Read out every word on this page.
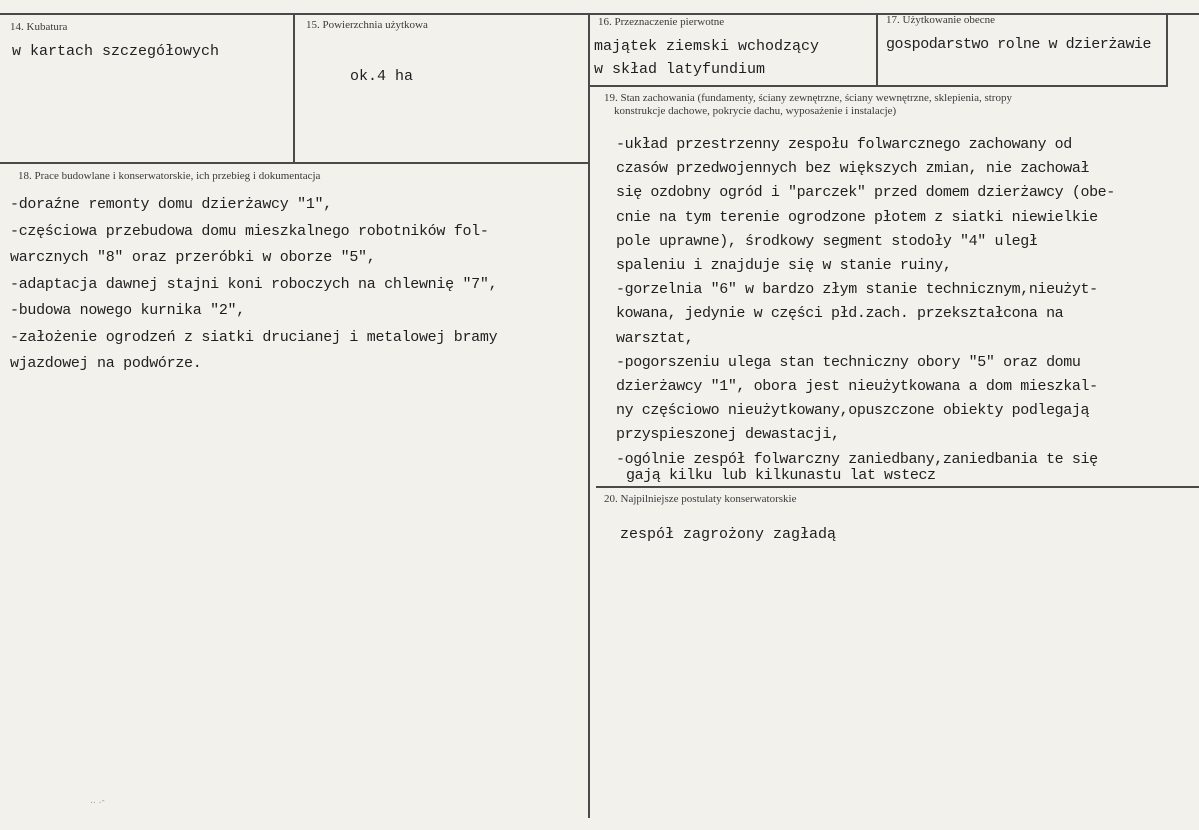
14. Kubatura
w kartach szczegółowych
15. Powierzchnia użytkowa
ok.4 ha
16. Przeznaczenie pierwotne
majątek ziemski wchodzący
w skład latyfundium
17. Użytkowanie obecne
gospodarstwo rolne w dzierżawie
18. Prace budowlane i konserwatorskie, ich przebieg i dokumentacja
-doraźne remonty domu dzierżawcy "1",
-częściowa przebudowa domu mieszkalnego robotników fol-
warcznych "8" oraz przeróbki w oborze "5",
-adaptacja dawnej stajni koni roboczych na chlewnię "7",
-budowa nowego kurnika "2",
-założenie ogrodzeń z siatki drucianej i metalowej bramy
wjazdowej na podwórze.
19. Stan zachowania (fundamenty, ściany zewnętrzne, ściany wewnętrzne, sklepienia, stropy
konstrukcje dachowe, pokrycie dachu, wyposażenie i instalacje)
-układ przestrzenny zespołu folwarcznego zachowany od
czasów przedwojennych bez większych zmian, nie zachował
się ozdobny ogród i "parczek" przed domem dzierżawcy (obe-
cnie na tym terenie ogrodzone płotem z siatki niewielkie
pole uprawne), środkowy segment stodoły "4" uległ
spaleniu i znajduje się w stanie ruiny,
-gorzelnia "6" w bardzo złym stanie technicznym,nieużyt-
kowana, jedynie w części płd.zach. przekształcona na
warsztat,
-pogorszeniu ulega stan techniczny obory "5" oraz domu
dzierżawcy "1", obora jest nieużytkowana a dom mieszkal-
ny częściowo nieużytkowany,opuszczone obiekty podlegają
przyspieszonej dewastacji,
-ogólnie zespół folwarczny zaniedbany,zaniedbania te się
gają kilku lub kilkunastu lat wstecz
20. Najpilniejsze postulaty konserwatorskie
zespół zagrożony zagładą
.. .-
